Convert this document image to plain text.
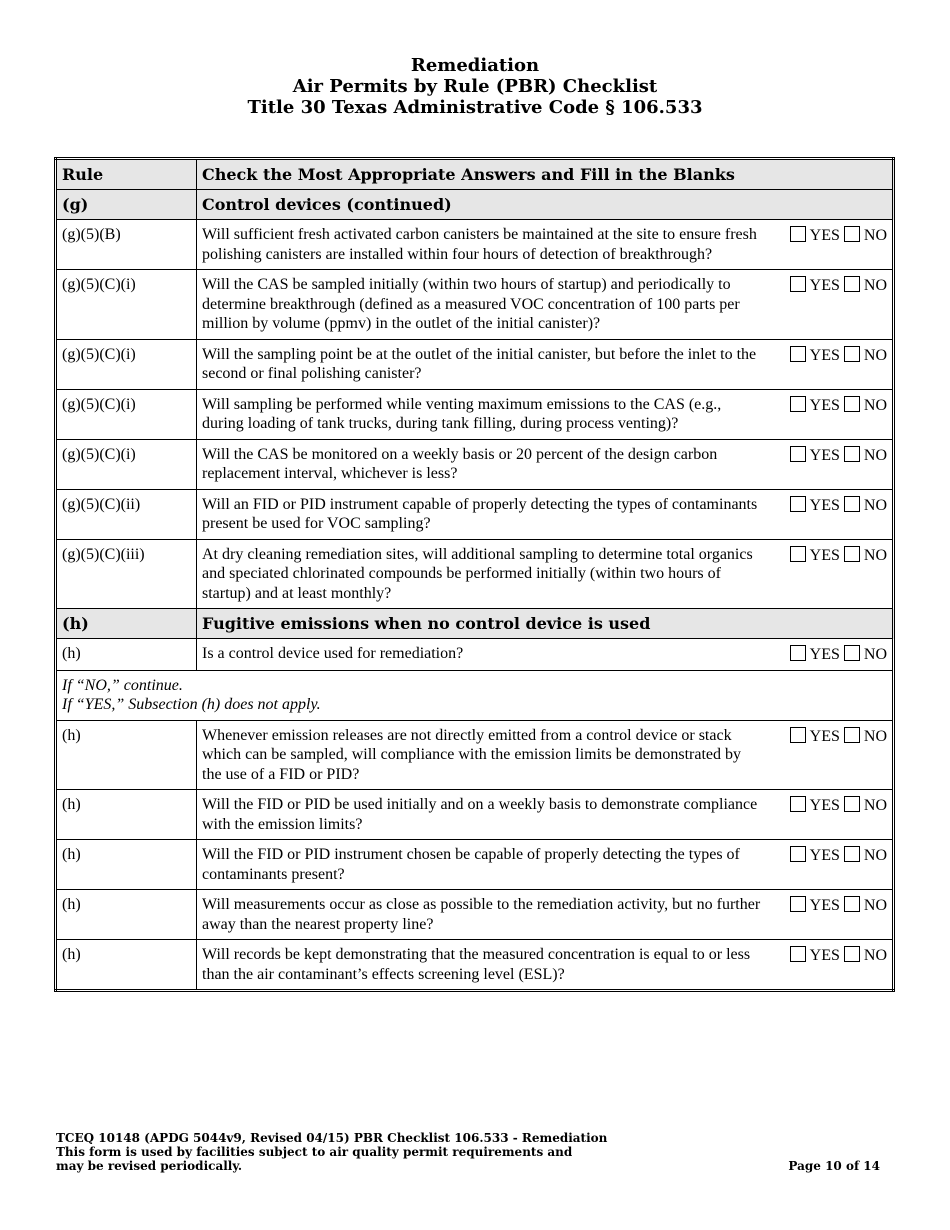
Remediation
Air Permits by Rule (PBR) Checklist
Title 30 Texas Administrative Code § 106.533
Rule	Check the Most Appropriate Answers and Fill in the Blanks
(g)	Control devices (continued)
(g)(5)(B)	Will sufficient fresh activated carbon canisters be maintained at the site to ensure fresh polishing canisters are installed within four hours of detection of breakthrough?
YES NO

(g)(5)(C)(i)	Will the CAS be sampled initially (within two hours of startup) and periodically to determine breakthrough (defined as a measured VOC concentration of 100 parts per million by volume (ppmv) in the outlet of the initial canister)?
YES NO

(g)(5)(C)(i)	Will the sampling point be at the outlet of the initial canister, but before the inlet to the second or final polishing canister?
YES NO

(g)(5)(C)(i)	Will sampling be performed while venting maximum emissions to the CAS (e.g., during loading of tank trucks, during tank filling, during process venting)?
YES NO

(g)(5)(C)(i)	Will the CAS be monitored on a weekly basis or 20 percent of the design carbon replacement interval, whichever is less?
YES NO

(g)(5)(C)(ii)	Will an FID or PID instrument capable of properly detecting the types of contaminants present be used for VOC sampling?
YES NO

(g)(5)(C)(iii)	At dry cleaning remediation sites, will additional sampling to determine total organics and speciated chlorinated compounds be performed initially (within two hours of startup) and at least monthly?
YES NO

(h)	Fugitive emissions when no control device is used
(h)	Is a control device used for remediation? YES NO

If “NO,” continue.
If “YES,” Subsection (h) does not apply.	

(h)	Whenever emission releases are not directly emitted from a control device or stack which can be sampled, will compliance with the emission limits be demonstrated by the use of a FID or PID?
YES NO

(h)	Will the FID or PID be used initially and on a weekly basis to demonstrate compliance with the emission limits?
YES NO

(h)	Will the FID or PID instrument chosen be capable of properly detecting the types of contaminants present?
YES NO

(h)	Will measurements occur as close as possible to the remediation activity, but no further away than the nearest property line?
YES NO

(h)	Will records be kept demonstrating that the measured concentration is equal to or less than the air contaminant’s effects screening level (ESL)?
YES NO
TCEQ 10148 (APDG 5044v9, Revised 04/15) PBR Checklist 106.533 - Remediation
This form is used by facilities subject to air quality permit requirements and
may be revised periodically.	Page 10 of 14
